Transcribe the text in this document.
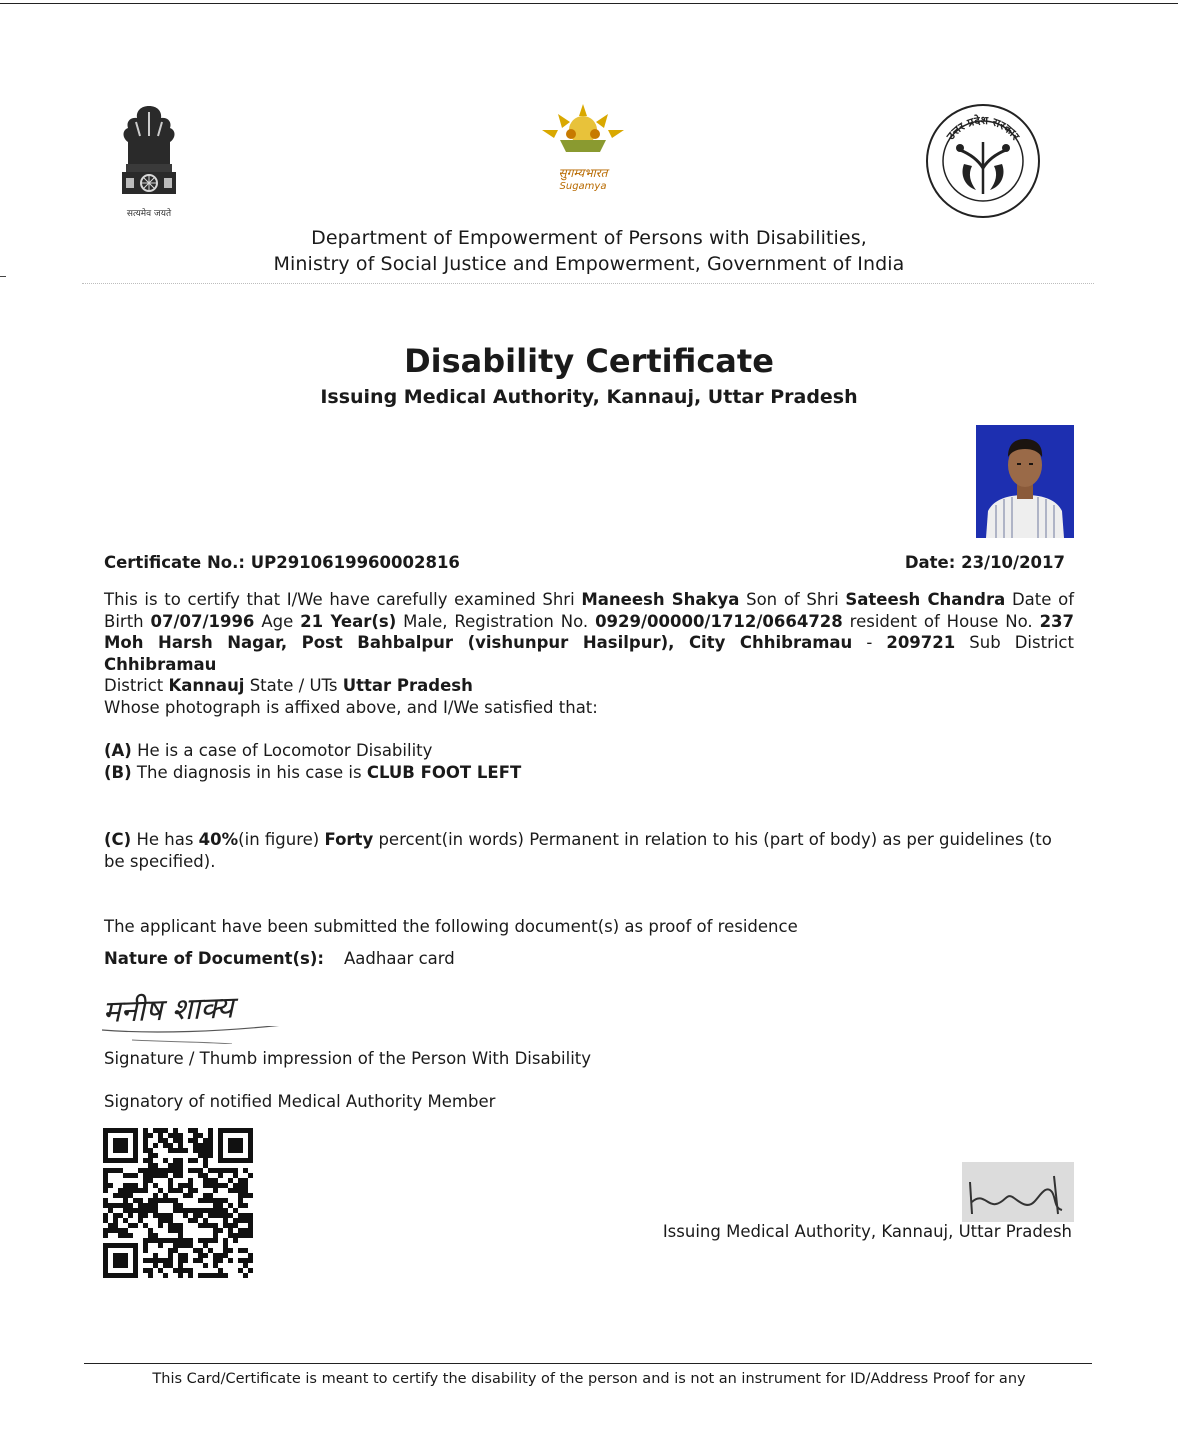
सत्यमेव जयते
सुगम्यभारत
Sugamya
उत्तर प्रदेश सरकार
Department of Empowerment of Persons with Disabilities,
Ministry of Social Justice and Empowerment, Government of India
Disability Certificate
Issuing Medical Authority, Kannauj, Uttar Pradesh
Certificate No.: UP2910619960002816	Date: 23/10/2017
This is to certify that I/We have carefully examined Shri Maneesh Shakya Son of Shri Sateesh Chandra Date of Birth 07/07/1996 Age 21 Year(s) Male, Registration No. 0929/00000/1712/0664728 resident of House No. 237 Moh Harsh Nagar, Post Bahbalpur (vishunpur Hasilpur), City Chhibramau - 209721 Sub District Chhibramau
District Kannauj State / UTs Uttar Pradesh
Whose photograph is affixed above, and I/We satisfied that:
(A) He is a case of Locomotor Disability
(B) The diagnosis in his case is CLUB FOOT LEFT
(C) He has 40%(in figure) Forty percent(in words) Permanent in relation to his (part of body) as per guidelines (to be specified).
The applicant have been submitted the following document(s) as proof of residence
Nature of Document(s): Aadhaar card
मनीष शाक्य
Signature / Thumb impression of the Person With Disability
Signatory of notified Medical Authority Member
Issuing Medical Authority, Kannauj, Uttar Pradesh
This Card/Certificate is meant to certify the disability of the person and is not an instrument for ID/Address Proof for any
